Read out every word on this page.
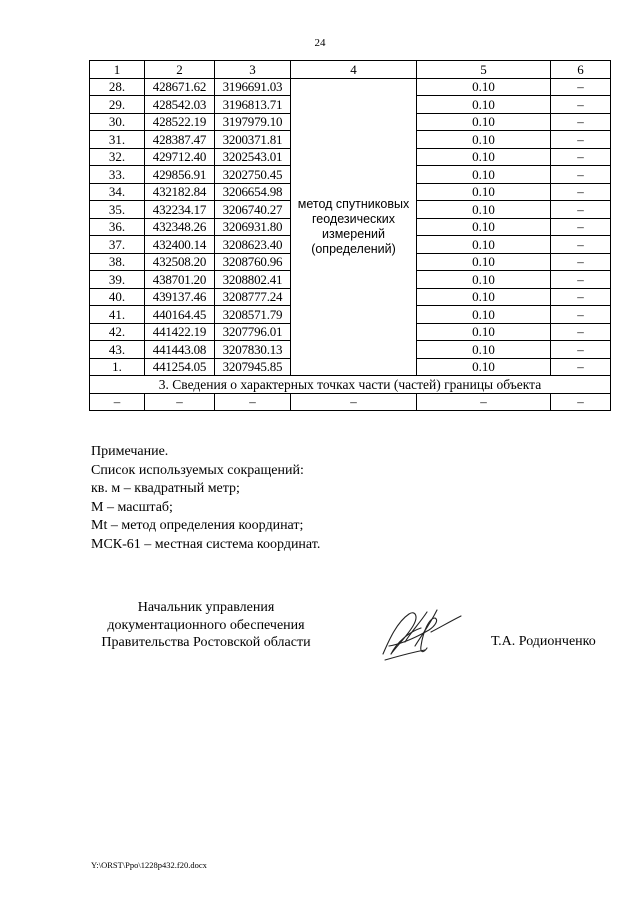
24
1	2	3	4	5	6
28.	428671.62	3196691.03	метод спутниковых
геодезических
измерений
(определений)	0.10	–
29.	428542.03	3196813.71		0.10	–
30.	428522.19	3197979.10		0.10	–
31.	428387.47	3200371.81		0.10	–
32.	429712.40	3202543.01		0.10	–
33.	429856.91	3202750.45		0.10	–
34.	432182.84	3206654.98		0.10	–
35.	432234.17	3206740.27		0.10	–
36.	432348.26	3206931.80		0.10	–
37.	432400.14	3208623.40		0.10	–
38.	432508.20	3208760.96		0.10	–
39.	438701.20	3208802.41		0.10	–
40.	439137.46	3208777.24		0.10	–
41.	440164.45	3208571.79		0.10	–
42.	441422.19	3207796.01		0.10	–
43.	441443.08	3207830.13		0.10	–
1.	441254.05	3207945.85		0.10	–
3. Сведения о характерных точках части (частей) границы объекта					
–	–	–	–	–	–
Примечание.
Список используемых сокращений:
кв. м – квадратный метр;
М – масштаб;
Mt – метод определения координат;
МСК-61 – местная система координат.
Начальник управления
документационного обеспечения
Правительства Ростовской области	Т.А. Родионченко
Y:\ORST\Ppo\1228p432.f20.docx
